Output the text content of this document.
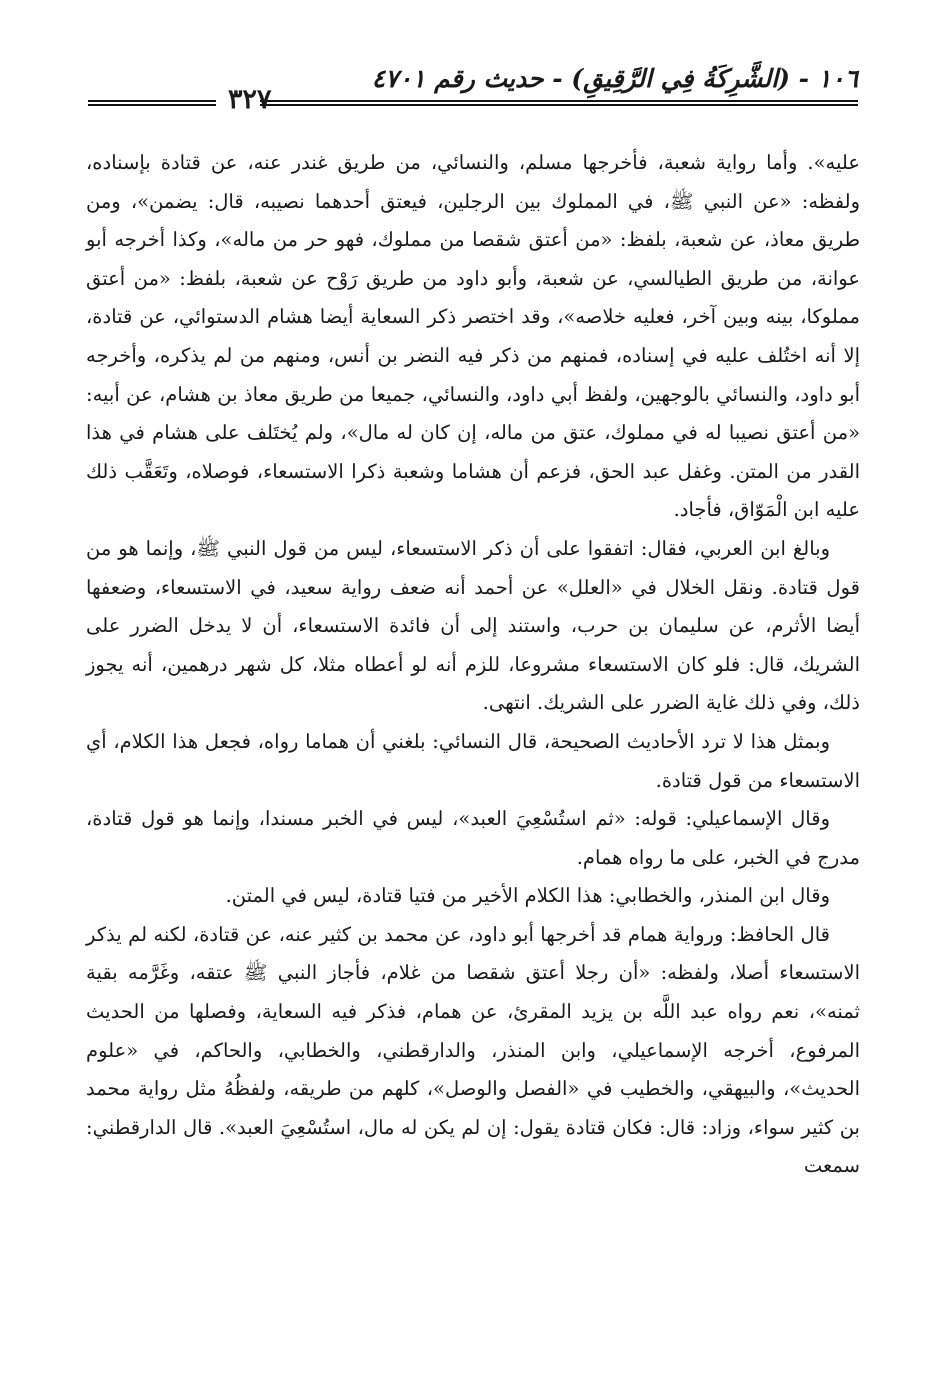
١٠٦ - (الشَّرِكَةُ فِي الرَّقِيقِ) - حديث رقم ٤٧٠١
٣٢٧

عليه». وأما رواية شعبة، فأخرجها مسلم، والنسائي، من طريق غندر عنه، عن قتادة بإسناده، ولفظه: «عن النبي ﷺ، في المملوك بين الرجلين، فيعتق أحدهما نصيبه، قال: يضمن»، ومن طريق معاذ، عن شعبة، بلفظ: «من أعتق شقصا من مملوك، فهو حر من ماله»، وكذا أخرجه أبو عوانة، من طريق الطيالسي، عن شعبة، وأبو داود من طريق رَوْح عن شعبة، بلفظ: «من أعتق مملوكا، بينه وبين آخر، فعليه خلاصه»، وقد اختصر ذكر السعاية أيضا هشام الدستوائي، عن قتادة، إلا أنه اختُلف عليه في إسناده، فمنهم من ذكر فيه النضر بن أنس، ومنهم من لم يذكره، وأخرجه أبو داود، والنسائي بالوجهين، ولفظ أبي داود، والنسائي، جميعا من طريق معاذ بن هشام، عن أبيه: «من أعتق نصيبا له في مملوك، عتق من ماله، إن كان له مال»، ولم يُختَلف على هشام في هذا القدر من المتن. وغفل عبد الحق، فزعم أن هشاما وشعبة ذكرا الاستسعاء، فوصلاه، وتَعَقَّب ذلك عليه ابن الْمَوّاق، فأجاد.

وبالغ ابن العربي، فقال: اتفقوا على أن ذكر الاستسعاء، ليس من قول النبي ﷺ، وإنما هو من قول قتادة. ونقل الخلال في «العلل» عن أحمد أنه ضعف رواية سعيد، في الاستسعاء، وضعفها أيضا الأثرم، عن سليمان بن حرب، واستند إلى أن فائدة الاستسعاء، أن لا يدخل الضرر على الشريك، قال: فلو كان الاستسعاء مشروعا، للزم أنه لو أعطاه مثلا، كل شهر درهمين، أنه يجوز ذلك، وفي ذلك غاية الضرر على الشريك. انتهى.

وبمثل هذا لا ترد الأحاديث الصحيحة، قال النسائي: بلغني أن هماما رواه، فجعل هذا الكلام، أي الاستسعاء من قول قتادة.

وقال الإسماعيلي: قوله: «ثم استُسْعِيَ العبد»، ليس في الخبر مسندا، وإنما هو قول قتادة، مدرج في الخبر، على ما رواه همام.

وقال ابن المنذر، والخطابي: هذا الكلام الأخير من فتيا قتادة، ليس في المتن.

قال الحافظ: ورواية همام قد أخرجها أبو داود، عن محمد بن كثير عنه، عن قتادة، لكنه لم يذكر الاستسعاء أصلا، ولفظه: «أن رجلا أعتق شقصا من غلام، فأجاز النبي ﷺ عتقه، وغَرَّمه بقية ثمنه»، نعم رواه عبد اللَّه بن يزيد المقرئ، عن همام، فذكر فيه السعاية، وفصلها من الحديث المرفوع، أخرجه الإسماعيلي، وابن المنذر، والدارقطني، والخطابي، والحاكم، في «علوم الحديث»، والبيهقي، والخطيب في «الفصل والوصل»، كلهم من طريقه، ولفظُهُ مثل رواية محمد بن كثير سواء، وزاد: قال: فكان قتادة يقول: إن لم يكن له مال، استُسْعِيَ العبد». قال الدارقطني: سمعت
